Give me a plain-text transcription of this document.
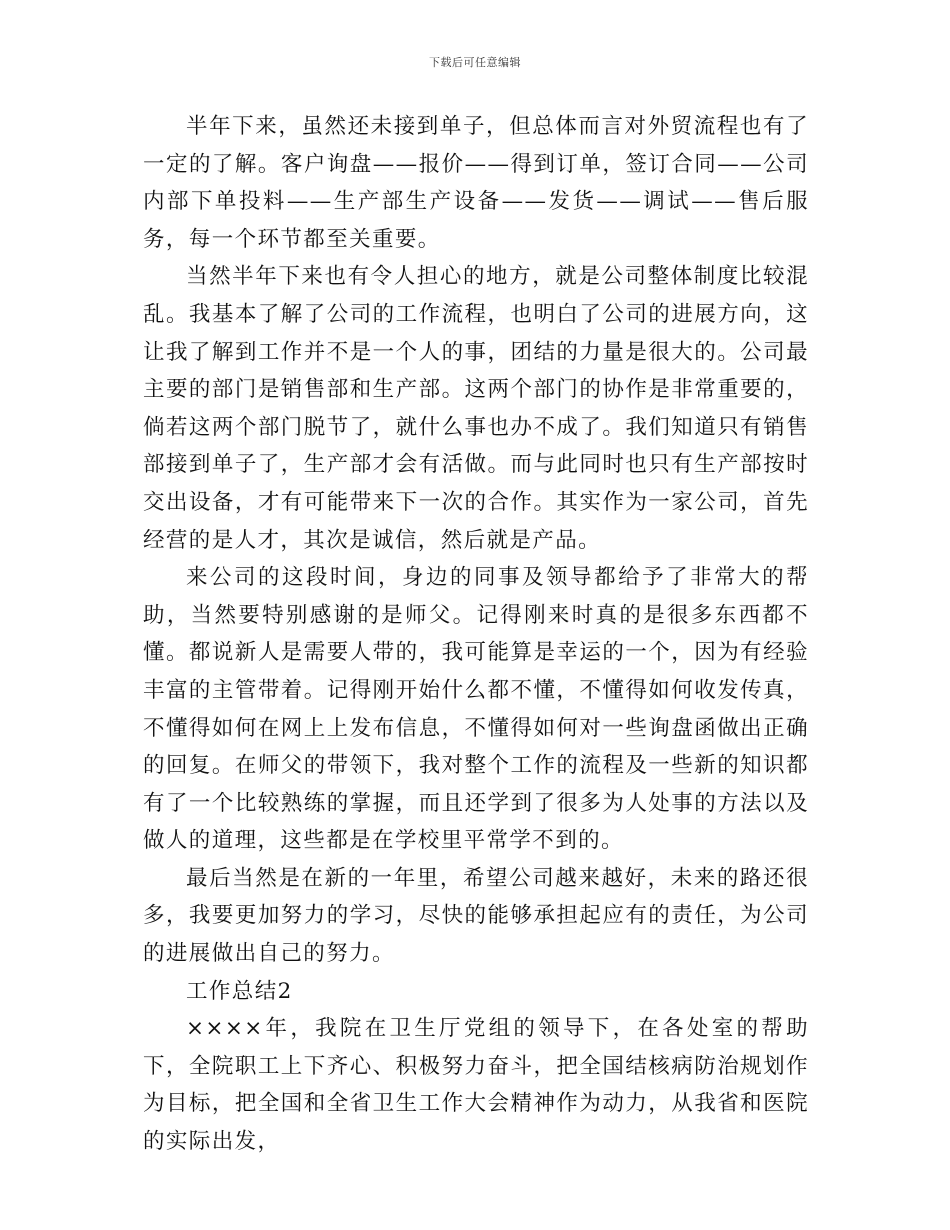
下载后可任意编辑

半年下来，虽然还未接到单子，但总体而言对外贸流程也有了一定的了解。客户询盘——报价——得到订单，签订合同——公司内部下单投料——生产部生产设备——发货——调试——售后服务，每一个环节都至关重要。

当然半年下来也有令人担心的地方，就是公司整体制度比较混乱。我基本了解了公司的工作流程，也明白了公司的进展方向，这让我了解到工作并不是一个人的事，团结的力量是很大的。公司最主要的部门是销售部和生产部。这两个部门的协作是非常重要的，倘若这两个部门脱节了，就什么事也办不成了。我们知道只有销售部接到单子了，生产部才会有活做。而与此同时也只有生产部按时交出设备，才有可能带来下一次的合作。其实作为一家公司，首先经营的是人才，其次是诚信，然后就是产品。

来公司的这段时间，身边的同事及领导都给予了非常大的帮助，当然要特别感谢的是师父。记得刚来时真的是很多东西都不懂。都说新人是需要人带的，我可能算是幸运的一个，因为有经验丰富的主管带着。记得刚开始什么都不懂，不懂得如何收发传真，不懂得如何在网上上发布信息，不懂得如何对一些询盘函做出正确的回复。在师父的带领下，我对整个工作的流程及一些新的知识都有了一个比较熟练的掌握，而且还学到了很多为人处事的方法以及做人的道理，这些都是在学校里平常学不到的。

最后当然是在新的一年里，希望公司越来越好，未来的路还很多，我要更加努力的学习，尽快的能够承担起应有的责任，为公司的进展做出自己的努力。

工作总结2

××××年，我院在卫生厅党组的领导下，在各处室的帮助下，全院职工上下齐心、积极努力奋斗，把全国结核病防治规划作为目标，把全国和全省卫生工作大会精神作为动力，从我省和医院的实际出发，
